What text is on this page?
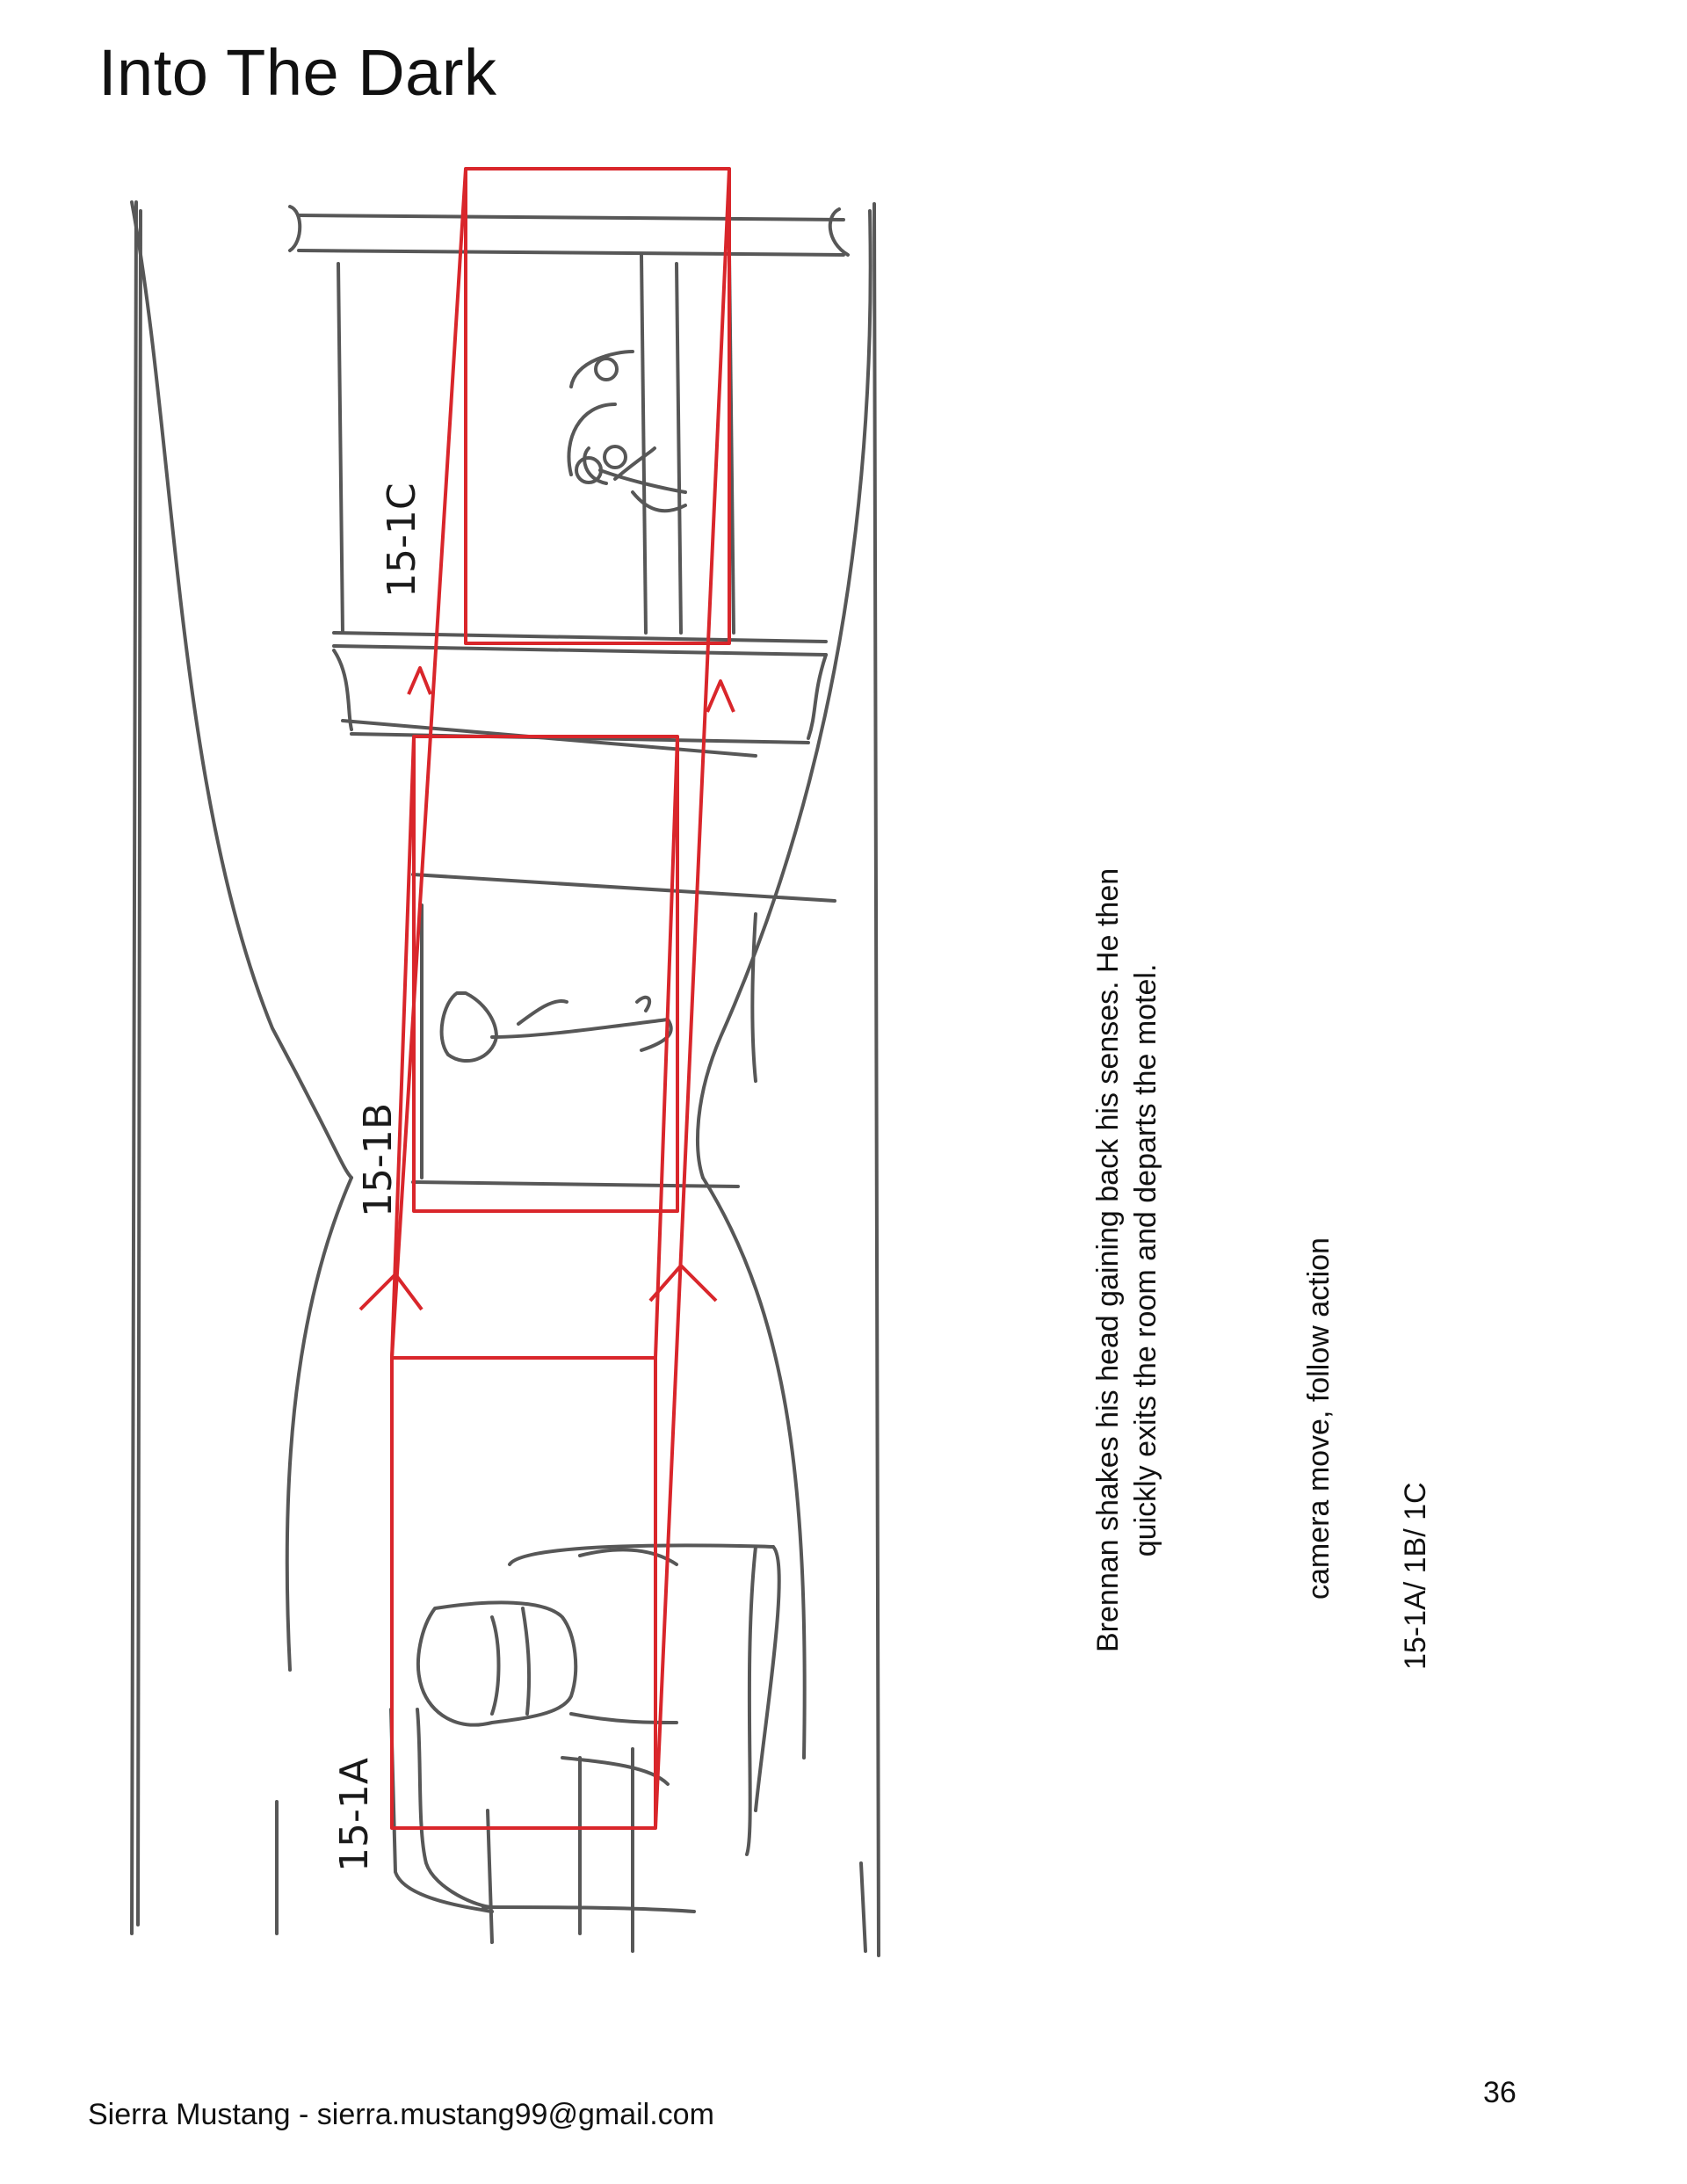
Into The Dark
15-1A
15-1B
15-1C
Brennan shakes his head gaining back his senses. He then quickly exits the room and departs the motel.	camera move, follow action 15-1A/ 1B/ 1C
Sierra Mustang - sierra.mustang99@gmail.com
36
